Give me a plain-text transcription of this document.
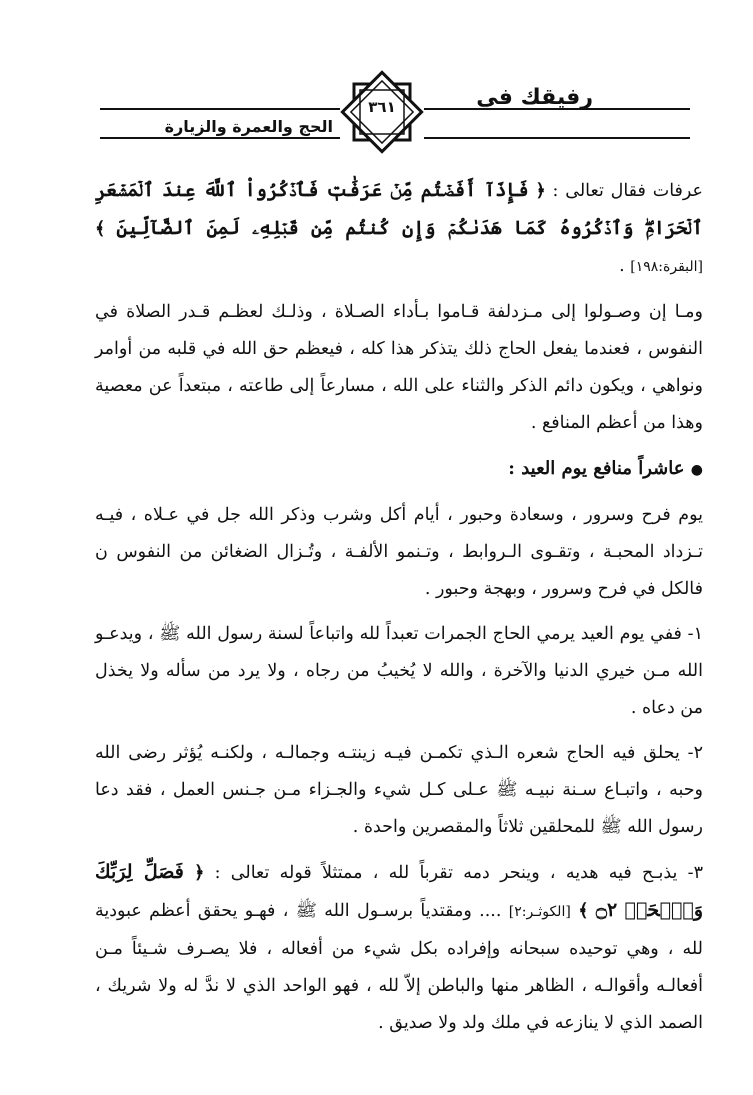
رفيقك في
٣٦١
الحج والعمرة والزيارة

عرفات فقال تعالى : ﴿ فَإِذَآ أَفَضۡتُم مِّنۡ عَرَفَٰتٖ فَٱذۡكُرُواْ ٱللَّهَ عِندَ ٱلۡمَشۡعَرِ ٱلۡحَرَامِۖ وَٱذۡكُرُوهُ كَمَا هَدَىٰكُمۡ وَإِن كُنتُم مِّن قَبۡلِهِۦ لَمِنَ ٱلضَّآلِّينَ ﴾ [البقرة:١٩٨] .

ومـا إن وصـولوا إلى مـزدلفة قـاموا بـأداء الصـلاة ، وذلـك لعظـم قـدر الصلاة في النفوس ، فعندما يفعل الحاج ذلك يتذكر هذا كله ، فيعظم حق الله في قلبه من أوامر ونواهي ، ويكون دائم الذكر والثناء على الله ، مسارعاً إلى طاعته ، مبتعداً عن معصية وهذا من أعظم المنافع .

● عاشراً منافع يوم العيد :

يوم فرح وسرور ، وسعادة وحبور ، أيام أكل وشرب وذكر الله جل في عـلاه ، فيـه تـزداد المحبـة ، وتقـوى الـروابط ، وتـنمو الألفـة ، وتُـزال الضغائن من النفوس ن فالكل في فرح وسرور ، وبهجة وحبور .

١- ففي يوم العيد يرمي الحاج الجمرات تعبداً لله واتباعاً لسنة رسول الله ﷺ ، ويدعـو الله مـن خيري الدنيا والآخرة ، والله لا يُخيبُ من رجاه ، ولا يرد من سأله ولا يخذل من دعاه .

٢- يحلق فيه الحاج شعره الـذي تكمـن فيـه زينتـه وجمالـه ، ولكنـه يُؤثر رضى الله وحبه ، واتبـاع سـنة نبيـه ﷺ عـلى كـل شيء والجـزاء مـن جـنس العمل ، فقد دعا رسول الله ﷺ للمحلقين ثلاثاً والمقصرين واحدة .

٣- يذبـح فيه هديه ، وينحر دمه تقرباً لله ، ممتثلاً قوله تعالى : ﴿ فَصَلِّ لِرَبِّكَ وَٱنۡحَرۡ ۝٢ ﴾ [الكوثـر:٢] .... ومقتدياً برسـول الله ﷺ ، فهـو يحقق أعظم عبودية لله ، وهي توحيده سبحانه وإفراده بكل شيء من أفعاله ، فلا يصـرف شـيئاً مـن أفعالـه وأقوالـه ، الظاهر منها والباطن إلاّ لله ، فهو الواحد الذي لا ندَّ له ولا شريك ، الصمد الذي لا ينازعه في ملك ولد ولا صديق .
